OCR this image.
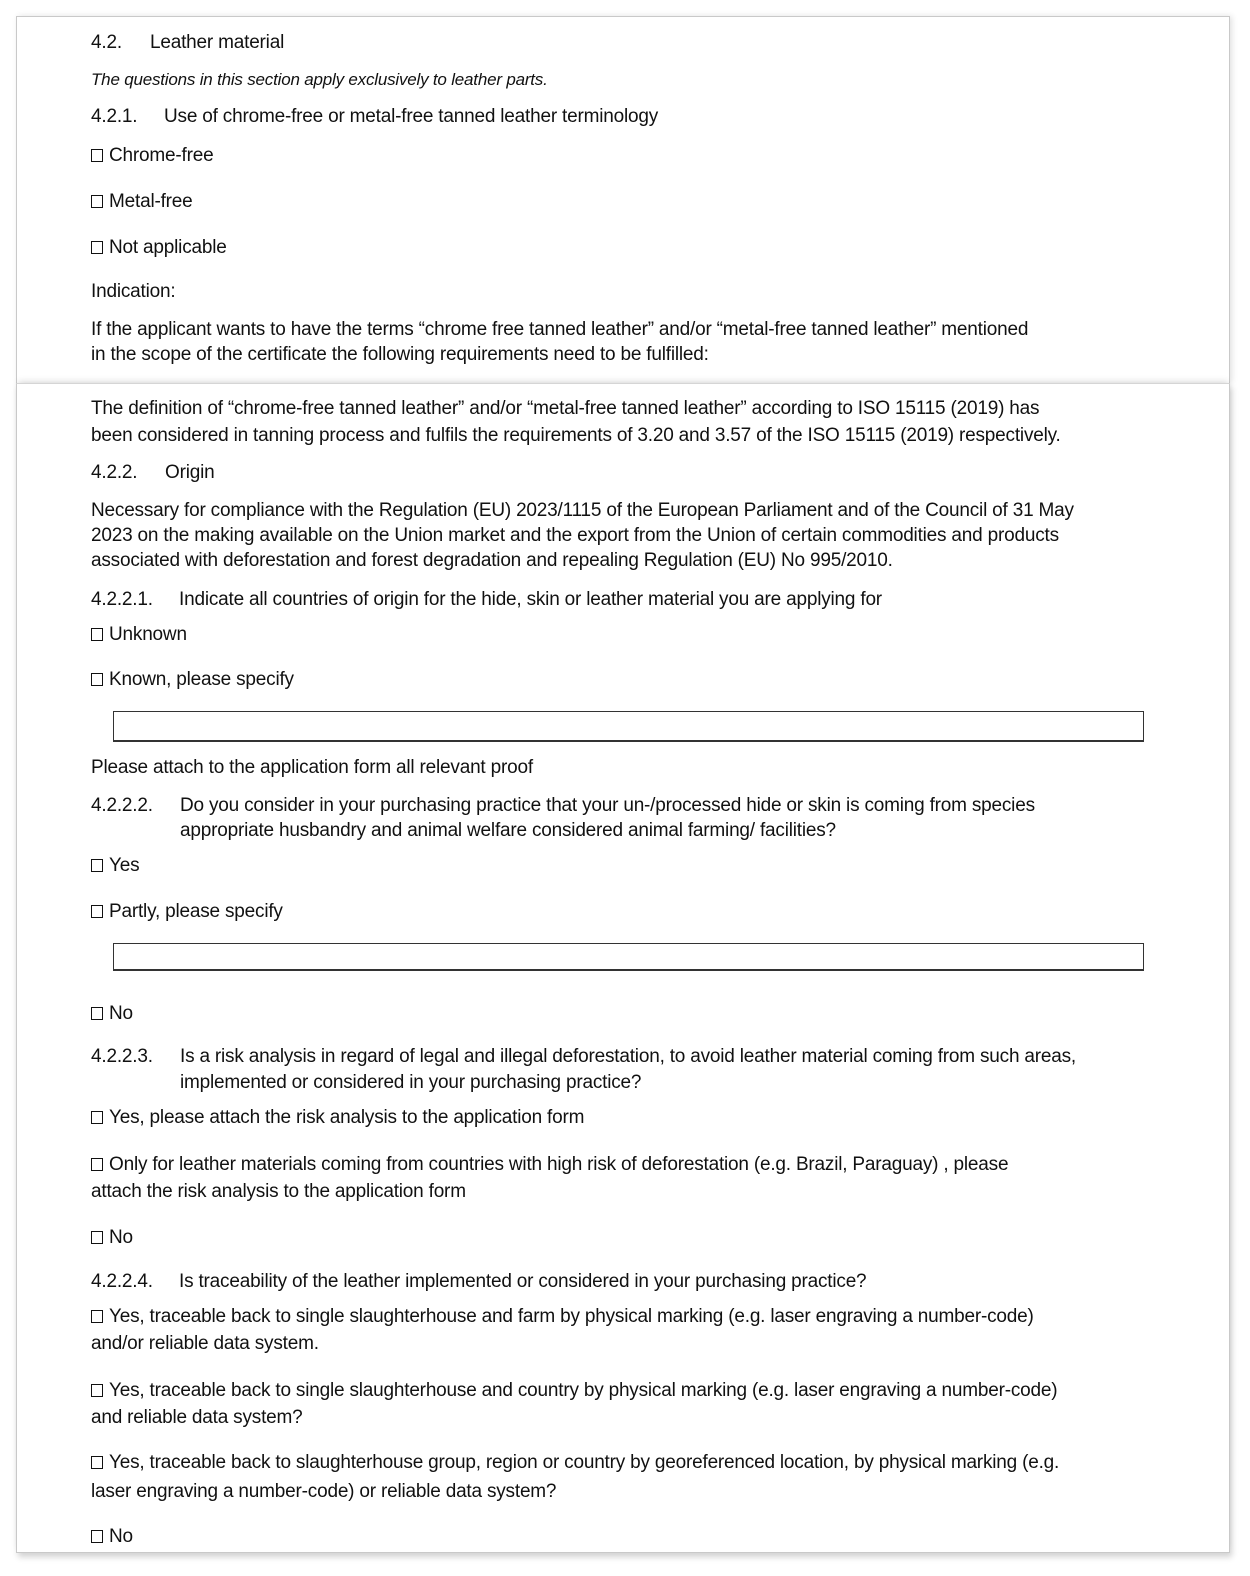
4.2. Leather material
The questions in this section apply exclusively to leather parts.
4.2.1. Use of chrome-free or metal-free tanned leather terminology
Chrome-free
Metal-free
Not applicable
Indication:
If the applicant wants to have the terms “chrome free tanned leather” and/or “metal-free tanned leather” mentioned
in the scope of the certificate the following requirements need to be fulfilled:
The definition of “chrome-free tanned leather” and/or “metal-free tanned leather” according to ISO 15115 (2019) has
been considered in tanning process and fulfils the requirements of 3.20 and 3.57 of the ISO 15115 (2019) respectively.
4.2.2. Origin
Necessary for compliance with the Regulation (EU) 2023/1115 of the European Parliament and of the Council of 31 May
2023 on the making available on the Union market and the export from the Union of certain commodities and products
associated with deforestation and forest degradation and repealing Regulation (EU) No 995/2010.
4.2.2.1. Indicate all countries of origin for the hide, skin or leather material you are applying for
Unknown
Known, please specify
Please attach to the application form all relevant proof
4.2.2.2. Do you consider in your purchasing practice that your un-/processed hide or skin is coming from species
appropriate husbandry and animal welfare considered animal farming/ facilities?
Yes
Partly, please specify
No
4.2.2.3. Is a risk analysis in regard of legal and illegal deforestation, to avoid leather material coming from such areas,
implemented or considered in your purchasing practice?
Yes, please attach the risk analysis to the application form
Only for leather materials coming from countries with high risk of deforestation (e.g. Brazil, Paraguay) , please
attach the risk analysis to the application form
No
4.2.2.4. Is traceability of the leather implemented or considered in your purchasing practice?
Yes, traceable back to single slaughterhouse and farm by physical marking (e.g. laser engraving a number-code)
and/or reliable data system.
Yes, traceable back to single slaughterhouse and country by physical marking (e.g. laser engraving a number-code)
and reliable data system?
Yes, traceable back to slaughterhouse group, region or country by georeferenced location, by physical marking (e.g.
laser engraving a number-code) or reliable data system?
No
